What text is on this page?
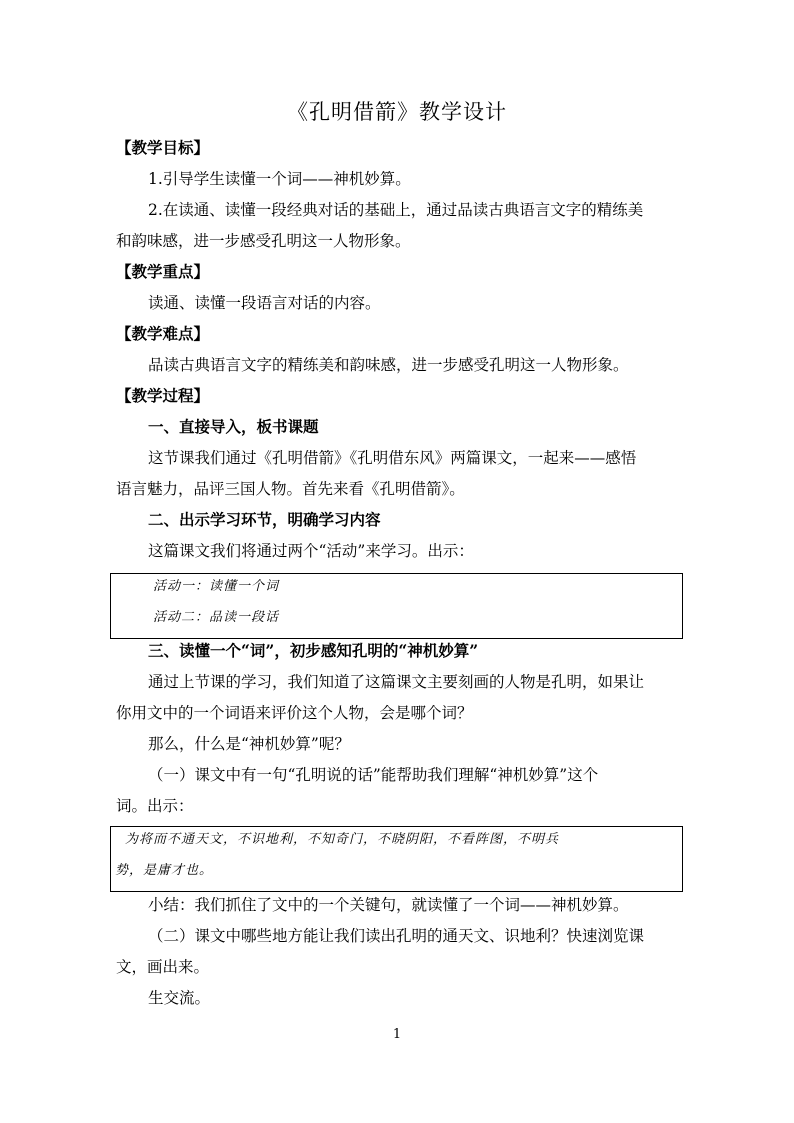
《孔明借箭》教学设计
【教学目标】
1.引导学生读懂一个词——神机妙算。
2.在读通、读懂一段经典对话的基础上，通过品读古典语言文字的精练美
和韵味感，进一步感受孔明这一人物形象。
【教学重点】
读通、读懂一段语言对话的内容。
【教学难点】
品读古典语言文字的精练美和韵味感，进一步感受孔明这一人物形象。
【教学过程】
一、直接导入，板书课题
这节课我们通过《孔明借箭》《孔明借东风》两篇课文，一起来——感悟
语言魅力，品评三国人物。首先来看《孔明借箭》。
二、出示学习环节，明确学习内容
这篇课文我们将通过两个“活动”来学习。出示：
活动一：读懂一个词
活动二：品读一段话
三、读懂一个“词”，初步感知孔明的“神机妙算”
通过上节课的学习，我们知道了这篇课文主要刻画的人物是孔明，如果让
你用文中的一个词语来评价这个人物，会是哪个词？
那么，什么是“神机妙算”呢？
（一）课文中有一句“孔明说的话”能帮助我们理解“神机妙算”这个
词。出示：
为将而不通天文，不识地利，不知奇门，不晓阴阳，不看阵图，不明兵
势，是庸才也。
小结：我们抓住了文中的一个关键句，就读懂了一个词——神机妙算。
（二）课文中哪些地方能让我们读出孔明的通天文、识地利？快速浏览课
文，画出来。
生交流。
1
